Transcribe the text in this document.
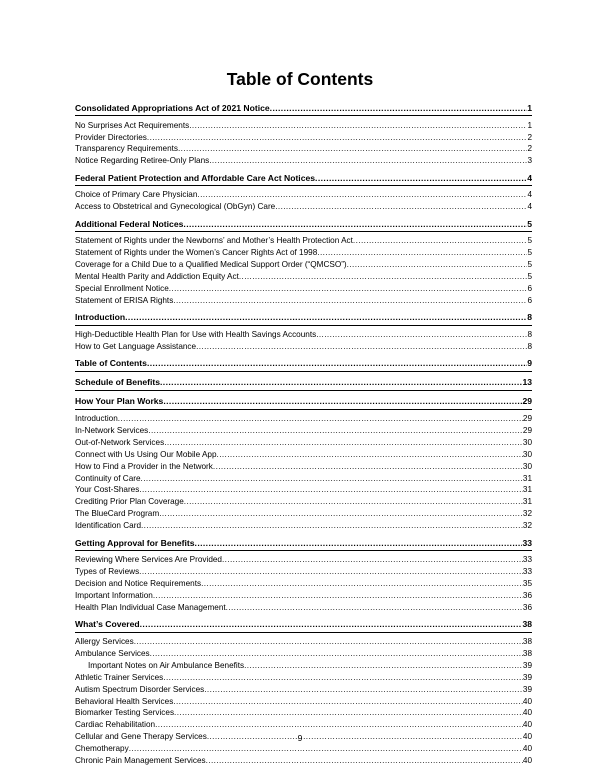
Table of Contents
Consolidated Appropriations Act of 2021 Notice .....	1
No Surprises Act Requirements .....	1
Provider Directories .....	2
Transparency Requirements .....	2
Notice Regarding Retiree-Only Plans .....	3
Federal Patient Protection and Affordable Care Act Notices .....	4
Choice of Primary Care Physician .....	4
Access to Obstetrical and Gynecological (ObGyn) Care .....	4
Additional Federal Notices .....	5
Statement of Rights under the Newborns’ and Mother’s Health Protection Act .....	5
Statement of Rights under the Women’s Cancer Rights Act of 1998 .....	5
Coverage for a Child Due to a Qualified Medical Support Order (“QMCSO”) .....	5
Mental Health Parity and Addiction Equity Act .....	5
Special Enrollment Notice .....	6
Statement of ERISA Rights .....	6
Introduction .....	8
High-Deductible Health Plan for Use with Health Savings Accounts .....	8
How to Get Language Assistance .....	8
Table of Contents .....	9
Schedule of Benefits .....	13
How Your Plan Works .....	29
Introduction .....	29
In-Network Services .....	29
Out-of-Network Services .....	30
Connect with Us Using Our Mobile App .....	30
How to Find a Provider in the Network .....	30
Continuity of Care .....	31
Your Cost-Shares .....	31
Crediting Prior Plan Coverage .....	31
The BlueCard Program .....	32
Identification Card .....	32
Getting Approval for Benefits .....	33
Reviewing Where Services Are Provided .....	33
Types of Reviews .....	33
Decision and Notice Requirements .....	35
Important Information .....	36
Health Plan Individual Case Management .....	36
What’s Covered .....	38
Allergy Services .....	38
Ambulance Services .....	38
Important Notes on Air Ambulance Benefits .....	39
Athletic Trainer Services .....	39
Autism Spectrum Disorder Services .....	39
Behavioral Health Services .....	40
Biomarker Testing Services .....	40
Cardiac Rehabilitation .....	40
Cellular and Gene Therapy Services .....	40
Chemotherapy .....	40
Chronic Pain Management Services .....	40
9
